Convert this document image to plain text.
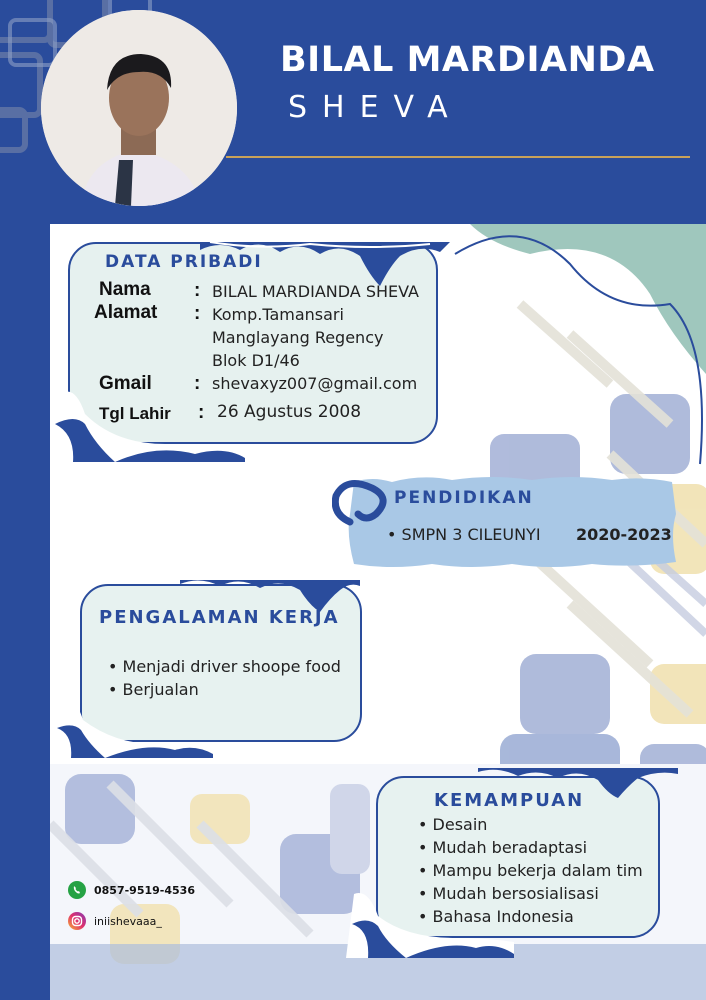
BILAL MARDIANDA
SHEVA
DATA PRIBADI
Nama
Alamat
Gmail
Tgl Lahir
:
:
:
:
BILAL MARDIANDA SHEVA
Komp.Tamansari
Manglayang Regency
Blok D1/46
shevaxyz007@gmail.com
26 Agustus 2008
PENDIDIKAN
• SMPN 3 CILEUNYI 2020-2023
PENGALAMAN KERJA
• Menjadi driver shoope food
• Berjualan
KEMAMPUAN
• Desain
• Mudah beradaptasi
• Mampu bekerja dalam tim
• Mudah bersosialisasi
• Bahasa Indonesia
0857-9519-4536
iniishevaaa_
